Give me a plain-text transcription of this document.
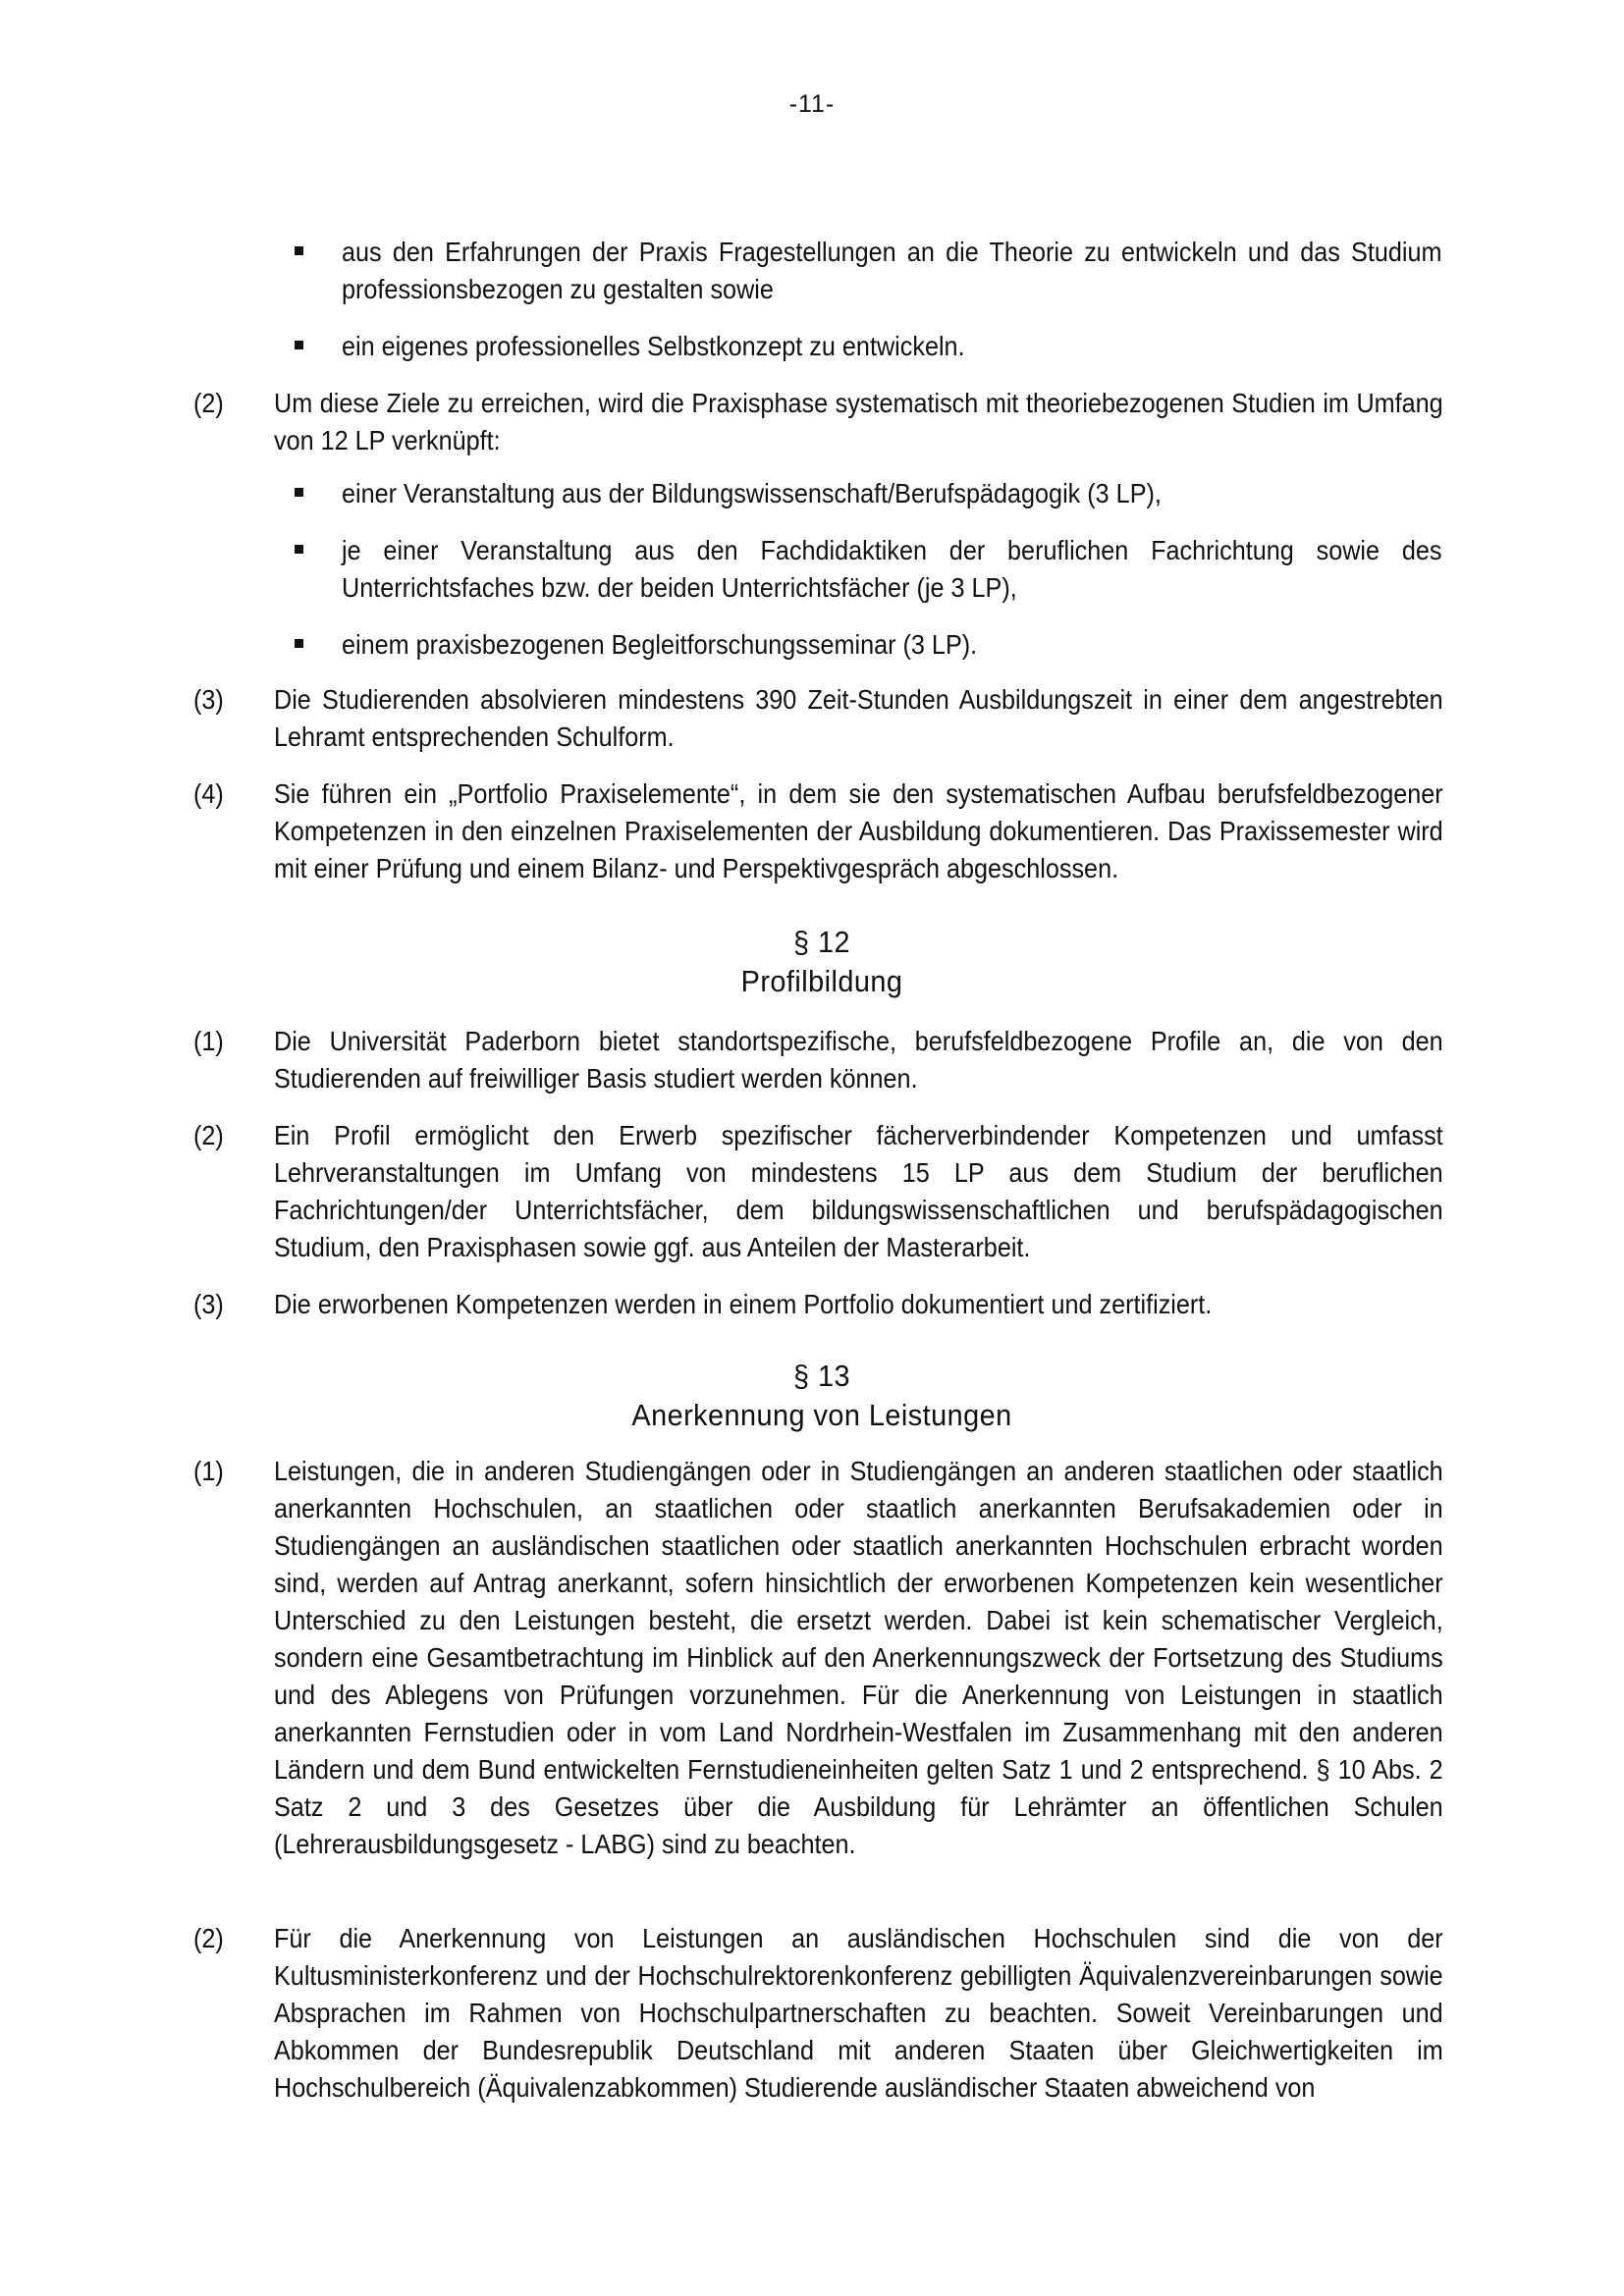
-11-
aus den Erfahrungen der Praxis Fragestellungen an die Theorie zu entwickeln und das Studium professionsbezogen zu gestalten sowie
ein eigenes professionelles Selbstkonzept zu entwickeln.
(2) Um diese Ziele zu erreichen, wird die Praxisphase systematisch mit theoriebezogenen Studien im Umfang von 12 LP verknüpft:
einer Veranstaltung aus der Bildungswissenschaft/Berufspädagogik (3 LP),
je einer Veranstaltung aus den Fachdidaktiken der beruflichen Fachrichtung sowie des Unterrichtsfaches bzw. der beiden Unterrichtsfächer (je 3 LP),
einem praxisbezogenen Begleitforschungsseminar (3 LP).
(3) Die Studierenden absolvieren mindestens 390 Zeit-Stunden Ausbildungszeit in einer dem angestrebten Lehramt entsprechenden Schulform.
(4) Sie führen ein „Portfolio Praxiselemente“, in dem sie den systematischen Aufbau berufsfeldbezogener Kompetenzen in den einzelnen Praxiselementen der Ausbildung dokumentieren. Das Praxissemester wird mit einer Prüfung und einem Bilanz- und Perspektivgespräch abgeschlossen.
§ 12
Profilbildung
(1) Die Universität Paderborn bietet standortspezifische, berufsfeldbezogene Profile an, die von den Studierenden auf freiwilliger Basis studiert werden können.
(2) Ein Profil ermöglicht den Erwerb spezifischer fächerverbindender Kompetenzen und umfasst Lehrveranstaltungen im Umfang von mindestens 15 LP aus dem Studium der beruflichen Fachrichtungen/der Unterrichtsfächer, dem bildungswissenschaftlichen und berufspädagogischen Studium, den Praxisphasen sowie ggf. aus Anteilen der Masterarbeit.
(3) Die erworbenen Kompetenzen werden in einem Portfolio dokumentiert und zertifiziert.
§ 13
Anerkennung von Leistungen
(1) Leistungen, die in anderen Studiengängen oder in Studiengängen an anderen staatlichen oder staatlich anerkannten Hochschulen, an staatlichen oder staatlich anerkannten Berufsakademien oder in Studiengängen an ausländischen staatlichen oder staatlich anerkannten Hochschulen erbracht worden sind, werden auf Antrag anerkannt, sofern hinsichtlich der erworbenen Kompetenzen kein wesentlicher Unterschied zu den Leistungen besteht, die ersetzt werden. Dabei ist kein schematischer Vergleich, sondern eine Gesamtbetrachtung im Hinblick auf den Anerkennungszweck der Fortsetzung des Studiums und des Ablegens von Prüfungen vorzunehmen. Für die Anerkennung von Leistungen in staatlich anerkannten Fernstudien oder in vom Land Nordrhein-Westfalen im Zusammenhang mit den anderen Ländern und dem Bund entwickelten Fernstudieneinheiten gelten Satz 1 und 2 entsprechend. § 10 Abs. 2 Satz 2 und 3 des Gesetzes über die Ausbildung für Lehrämter an öffentlichen Schulen (Lehrerausbildungsgesetz - LABG) sind zu beachten.
(2) Für die Anerkennung von Leistungen an ausländischen Hochschulen sind die von der Kultusministerkonferenz und der Hochschulrektorenkonferenz gebilligten Äquivalenzvereinbarungen sowie Absprachen im Rahmen von Hochschulpartnerschaften zu beachten. Soweit Vereinbarungen und Abkommen der Bundesrepublik Deutschland mit anderen Staaten über Gleichwertigkeiten im Hochschulbereich (Äquivalenzabkommen) Studierende ausländischer Staaten abweichend von
